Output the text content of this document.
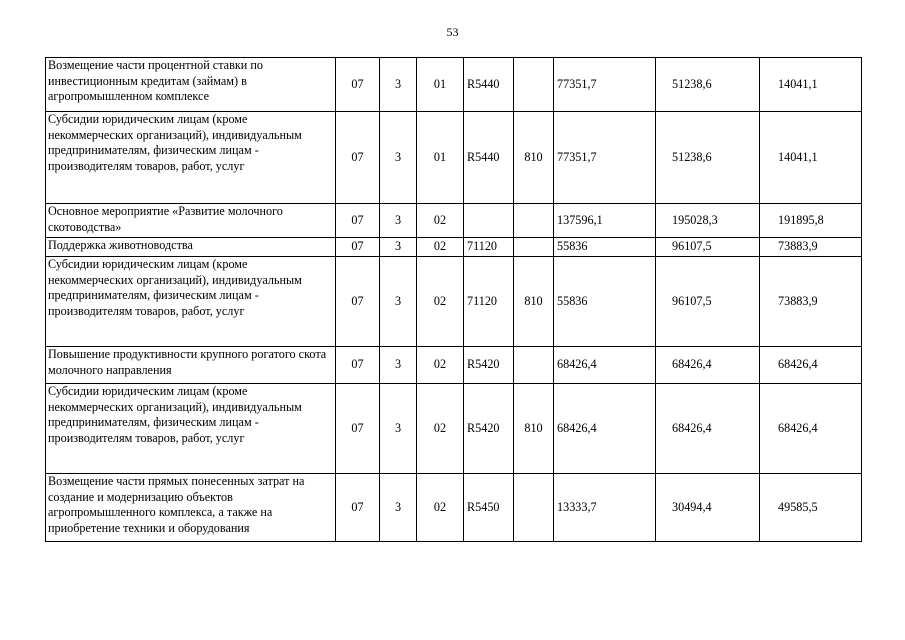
53
Возмещение части процентной ставки по инвестиционным кредитам (займам) в агропромышленном комплексе	07	3	01	R5440		77351,7	51238,6	14041,1
Субсидии юридическим лицам (кроме некоммерческих организаций), индивидуальным предпринимателям, физическим лицам - производителям товаров, работ, услуг	07	3	01	R5440	810	77351,7	51238,6	14041,1
Основное мероприятие «Развитие молочного скотоводства»	07	3	02			137596,1	195028,3	191895,8
Поддержка животноводства	07	3	02	71120		55836	96107,5	73883,9
Субсидии юридическим лицам (кроме некоммерческих организаций), индивидуальным предпринимателям, физическим лицам - производителям товаров, работ, услуг	07	3	02	71120	810	55836	96107,5	73883,9
Повышение продуктивности крупного рогатого скота молочного направления	07	3	02	R5420		68426,4	68426,4	68426,4
Субсидии юридическим лицам (кроме некоммерческих организаций), индивидуальным предпринимателям, физическим лицам - производителям товаров, работ, услуг	07	3	02	R5420	810	68426,4	68426,4	68426,4
Возмещение части прямых понесенных затрат на создание и модернизацию объектов агропромышленного комплекса, а также на приобретение техники и оборудования	07	3	02	R5450		13333,7	30494,4	49585,5
